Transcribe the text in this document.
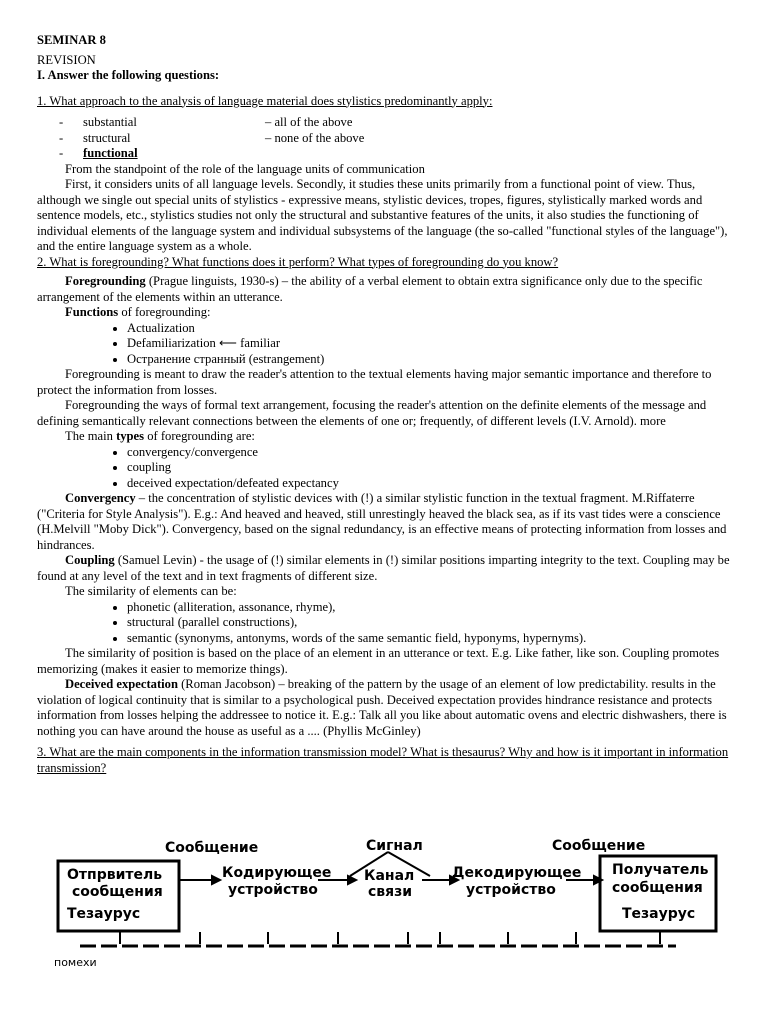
SEMINAR 8

REVISION

I. Answer the following questions:

1. What approach to the analysis of language material does stylistics predominantly apply:

- substantial	– all of the above
- structural	– none of the above
- functional

From the standpoint of the role of the language units of communication

First, it considers units of all language levels. Secondly, it studies these units primarily from a functional point of view. Thus, although we single out special units of stylistics - expressive means, stylistic devices, tropes, figures, stylistically marked words and sentence models, etc., stylistics studies not only the structural and substantive features of the units, it also studies the functioning of individual elements of the language system and individual subsystems of the language (the so-called "functional styles of the language"), and the entire language system as a whole.

2. What is foregrounding? What functions does it perform? What types of foregrounding do you know?

Foregrounding (Prague linguists, 1930-s) – the ability of a verbal element to obtain extra significance only due to the specific arrangement of the elements within an utterance.

Functions of foregrounding:

• Actualization
• Defamiliarization ⟵ familiar
• Остранение странный (estrangement)

Foregrounding is meant to draw the reader's attention to the textual elements having major semantic importance and therefore to protect the information from losses.

Foregrounding the ways of formal text arrangement, focusing the reader's attention on the definite elements of the message and defining semantically relevant connections between the elements of one or; frequently, of different levels (I.V. Arnold). more

The main types of foregrounding are:

• convergency/convergence
• coupling
• deceived expectation/defeated expectancy

Convergency – the concentration of stylistic devices with (!) a similar stylistic function in the textual fragment. M.Riffaterre ("Criteria for Style Analysis"). E.g.: And heaved and heaved, still unrestingly heaved the black sea, as if its vast tides were a conscience (H.Melvill "Moby Dick"). Convergency, based on the signal redundancy, is an effective means of protecting information from losses and hindrances.

Coupling (Samuel Levin) - the usage of (!) similar elements in (!) similar positions imparting integrity to the text. Coupling may be found at any level of the text and in text fragments of different size.

The similarity of elements can be:

• phonetic (alliteration, assonance, rhyme),
• structural (parallel constructions),
• semantic (synonyms, antonyms, words of the same semantic field, hyponyms, hypernyms).

The similarity of position is based on the place of an element in an utterance or text. E.g. Like father, like son. Coupling promotes memorizing (makes it easier to memorize things).

Deceived expectation (Roman Jacobson) – breaking of the pattern by the usage of an element of low predictability. results in the violation of logical continuity that is similar to a psychological push. Deceived expectation provides hindrance resistance and protects information from losses helping the addressee to notice it. E.g.: Talk all you like about automatic ovens and electric dishwashers, there is nothing you can have around the house as useful as a .... (Phyllis McGinley)

3. What are the main components in the information transmission model? What is thesaurus? Why and how is it important in information transmission?

Сообщение
Отпрвитель
сообщения
Тезаурус
Кодирующее
устройство
Сигнал
Канал
связи
Декодирующее
устройство
Сообщение
Получатель
сообщения
Тезаурус
помехи
